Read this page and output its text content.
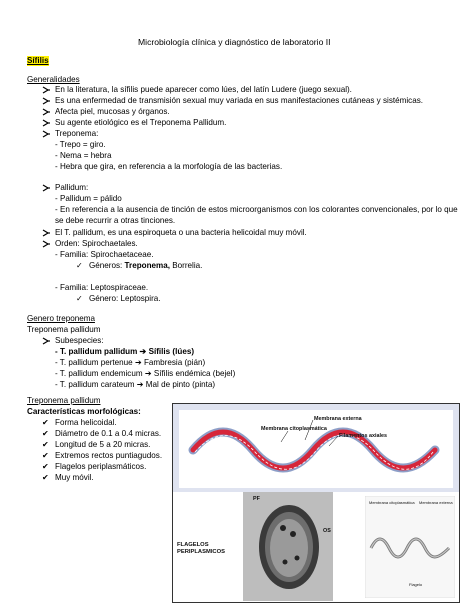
Microbiología clínica y diagnóstico de laboratorio II
Sífilis
Generalidades
En la literatura, la sífilis puede aparecer como lúes, del latín Ludere (juego sexual).
Es una enfermedad de transmisión sexual muy variada en sus manifestaciones cutáneas y sistémicas.
Afecta piel, mucosas y órganos.
Su agente etiológico es el Treponema Pallidum.
Treponema:
- Trepo = giro.
- Nema = hebra
- Hebra que gira, en referencia a la morfología de las bacterias.
Pallidum:
- Pallidum = pálido
- En referencia a la ausencia de tinción de estos microorganismos con los colorantes convencionales, por lo que
se debe recurrir a otras tinciones.
El T. pallidum, es una espiroqueta o una bacteria helicoidal muy móvil.
Orden: Spirochaetales.
- Familia: Spirochaetaceae.
✓ Géneros: Treponema, Borrelia.
- Familia: Leptospiraceae.
✓ Género: Leptospira.
Genero treponema
Treponema pallidum
Subespecies:
- T. pallidum pallidum ➔ Sífilis (lúes)
- T. pallidum pertenue ➔ Fambresia (pián)
- T. pallidum endemicum ➔ Sífilis endémica (bejel)
- T. pallidum carateum ➔ Mal de pinto (pinta)
Treponema pallidum
Características morfológicas:
✔ Forma helicoidal.
✔ Diámetro de 0.1 a 0.4 micras.
✔ Longitud de 5 a 20 micras.
✔ Extremos rectos puntiagudos.
✔ Flagelos periplasmáticos.
✔ Muy móvil.
Membrana externa
Membrana citoplasmática
Filamentos axiales
FLAGELOS
PERIPLASMICOS
PF
OS
Membrana citoplasmática Membrana externa
Flagelo
